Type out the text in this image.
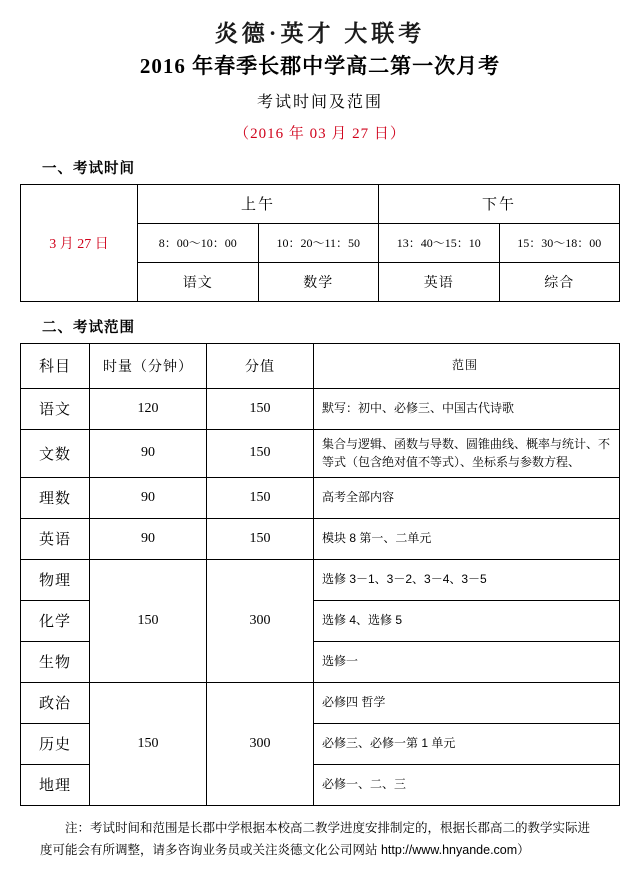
炎德·英才 大联考
2016 年春季长郡中学高二第一次月考
考试时间及范围
（2016 年 03 月 27 日）
一、考试时间
3 月 27 日	上午		下午	
	8：00～10：00	10：20～11：50	13：40～15：10	15：30～18：00
	语文	数学	英语	综合
二、考试范围
科目	时量（分钟）	分值	范围
语文	120	150	默写：初中、必修三、中国古代诗歌
文数	90	150	集合与逻辑、函数与导数、圆锥曲线、概率与统计、不等式（包含绝对值不等式）、坐标系与参数方程、
理数	90	150	高考全部内容
英语	90	150	模块 8 第一、二单元
物理	150	300	选修 3－1、3－2、3－4、3－5
化学			选修 4、选修 5
生物			选修一
政治	150	300	必修四 哲学
历史			必修三、必修一第 1 单元
地理			必修一、二、三
注：考试时间和范围是长郡中学根据本校高二教学进度安排制定的，根据长郡高二的教学实际进度可能会有所调整，请多咨询业务员或关注炎德文化公司网站 http://www.hnyande.com）
